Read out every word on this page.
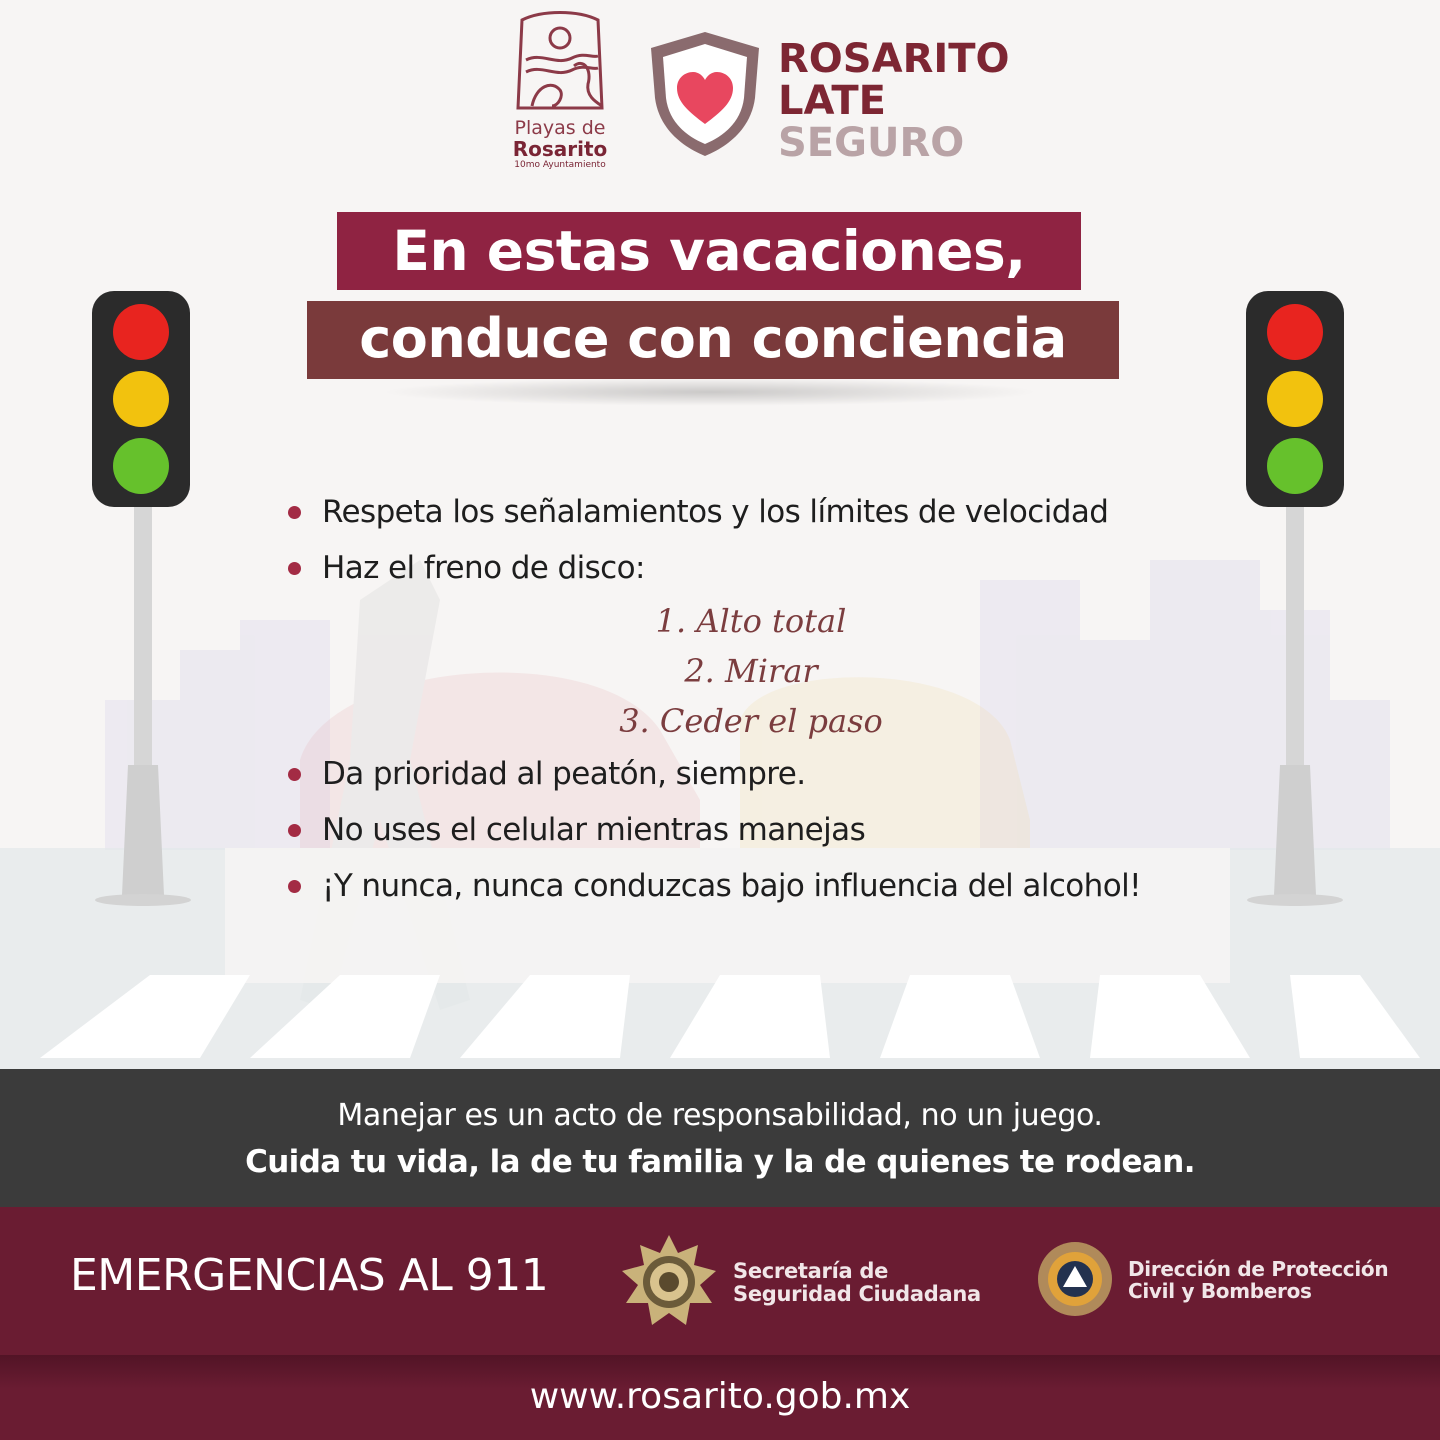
Playas de
Rosarito
10mo Ayuntamiento
ROSARITO
LATE
SEGURO
En estas vacaciones,
conduce con conciencia
Respeta los señalamientos y los límites de velocidad
Haz el freno de disco:
1. Alto total
2. Mirar
3. Ceder el paso
Da prioridad al peatón, siempre.
No uses el celular mientras manejas
¡Y nunca, nunca conduzcas bajo influencia del alcohol!
Manejar es un acto de responsabilidad, no un juego.
Cuida tu vida, la de tu familia y la de quienes te rodean.
EMERGENCIAS AL 911	Secretaría de
Seguridad Ciudadana
Dirección de Protección
Civil y Bomberos
www.rosarito.gob.mx
